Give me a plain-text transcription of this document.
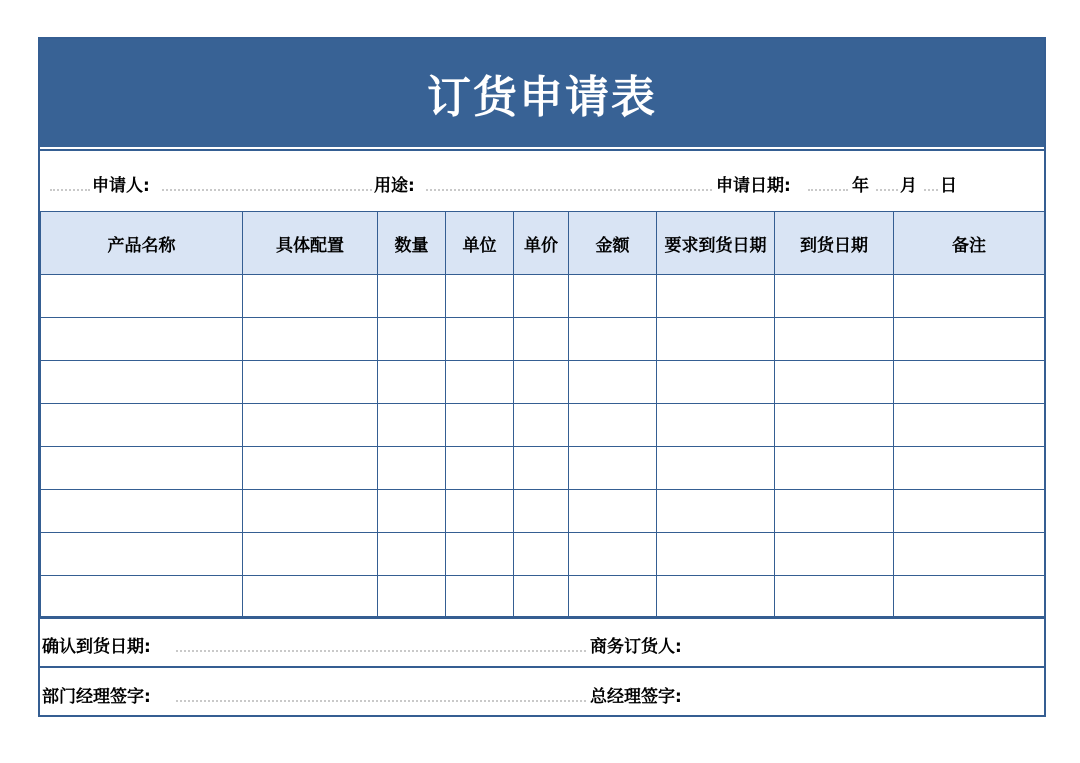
订货申请表
申请人:	用途:	申请日期:	年 月 日
产品名称	具体配置	数量	单位	单价	金额	要求到货日期	到货日期	备注

确认到货日期:	商务订货人:
部门经理签字:	总经理签字:
